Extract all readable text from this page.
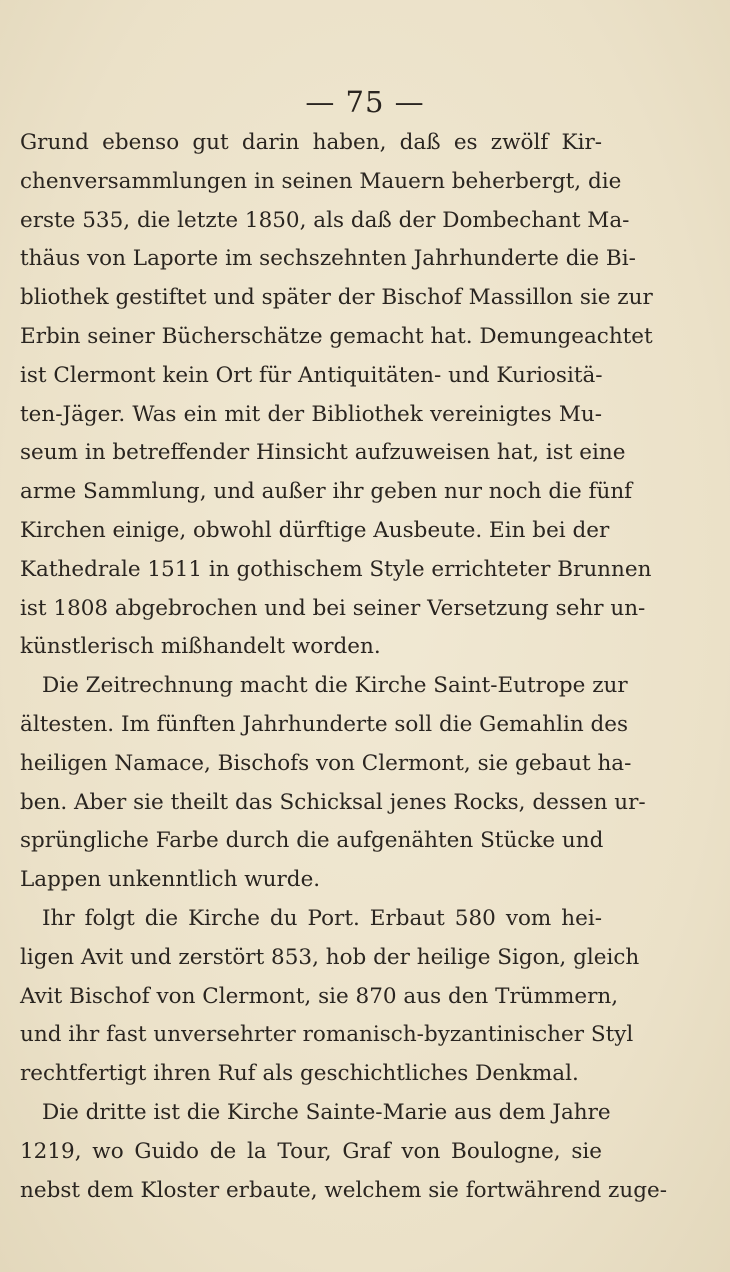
— 75 —
Grund ebenso gut darin haben, daß es zwölf Kir-
chenversammlungen in seinen Mauern beherbergt, die
erste 535, die letzte 1850, als daß der Dombechant Ma-
thäus von Laporte im sechszehnten Jahrhunderte die Bi-
bliothek gestiftet und später der Bischof Massillon sie zur
Erbin seiner Bücherschätze gemacht hat. Demungeachtet
ist Clermont kein Ort für Antiquitäten- und Kuriositä-
ten-Jäger. Was ein mit der Bibliothek vereinigtes Mu-
seum in betreffender Hinsicht aufzuweisen hat, ist eine
arme Sammlung, und außer ihr geben nur noch die fünf
Kirchen einige, obwohl dürftige Ausbeute. Ein bei der
Kathedrale 1511 in gothischem Style errichteter Brunnen
ist 1808 abgebrochen und bei seiner Versetzung sehr un-
künstlerisch mißhandelt worden.
Die Zeitrechnung macht die Kirche Saint-Eutrope zur
ältesten. Im fünften Jahrhunderte soll die Gemahlin des
heiligen Namace, Bischofs von Clermont, sie gebaut ha-
ben. Aber sie theilt das Schicksal jenes Rocks, dessen ur-
sprüngliche Farbe durch die aufgenähten Stücke und
Lappen unkenntlich wurde.
Ihr folgt die Kirche du Port. Erbaut 580 vom hei-
ligen Avit und zerstört 853, hob der heilige Sigon, gleich
Avit Bischof von Clermont, sie 870 aus den Trümmern,
und ihr fast unversehrter romanisch-byzantinischer Styl
rechtfertigt ihren Ruf als geschichtliches Denkmal.
Die dritte ist die Kirche Sainte-Marie aus dem Jahre
1219, wo Guido de la Tour, Graf von Boulogne, sie
nebst dem Kloster erbaute, welchem sie fortwährend zuge-
